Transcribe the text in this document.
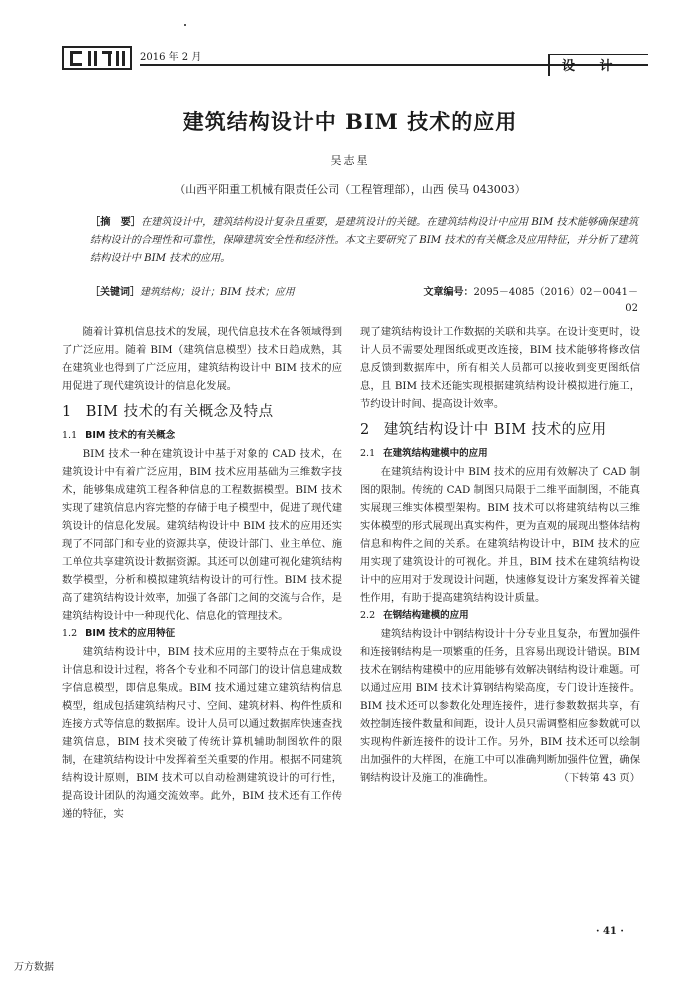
2016 年 2 月
设 计
建筑结构设计中 BIM 技术的应用
吴志星
（山西平阳重工机械有限责任公司（工程管理部），山西 侯马 043003）
［摘　要］在建筑设计中，建筑结构设计复杂且重要，是建筑设计的关键。在建筑结构设计中应用 BIM 技术能够确保建筑结构设计的合理性和可靠性，保障建筑安全性和经济性。本文主要研究了 BIM 技术的有关概念及应用特征，并分析了建筑结构设计中 BIM 技术的应用。
［关键词］建筑结构；设计；BIM 技术；应用	文章编号：2095－4085（2016）02－0041－02

随着计算机信息技术的发展，现代信息技术在各领域得到了广泛应用。随着 BIM（建筑信息模型）技术日趋成熟，其在建筑业也得到了广泛应用，建筑结构设计中 BIM 技术的应用促进了现代建筑设计的信息化发展。

1 BIM 技术的有关概念及特点

1.1 BIM 技术的有关概念

BIM 技术一种在建筑设计中基于对象的 CAD 技术，在建筑设计中有着广泛应用，BIM 技术应用基础为三维数字技术，能够集成建筑工程各种信息的工程数据模型。BIM 技术实现了建筑信息内容完整的存储于电子模型中，促进了现代建筑设计的信息化发展。建筑结构设计中 BIM 技术的应用还实现了不同部门和专业的资源共享，使设计部门、业主单位、施工单位共享建筑设计数据资源。其还可以创建可视化建筑结构数学模型，分析和模拟建筑结构设计的可行性。BIM 技术提高了建筑结构设计效率，加强了各部门之间的交流与合作，是建筑结构设计中一种现代化、信息化的管理技术。

1.2 BIM 技术的应用特征

建筑结构设计中，BIM 技术应用的主要特点在于集成设计信息和设计过程，将各个专业和不同部门的设计信息建成数字信息模型，即信息集成。BIM 技术通过建立建筑结构信息模型，组成包括建筑结构尺寸、空间、建筑材料、构件性质和连接方式等信息的数据库。设计人员可以通过数据库快速查找建筑信息，BIM 技术突破了传统计算机辅助制图软件的限制，在建筑结构设计中发挥着至关重要的作用。根据不同建筑结构设计原则，BIM 技术可以自动检测建筑设计的可行性，提高设计团队的沟通交流效率。此外，BIM 技术还有工作传递的特征，实

现了建筑结构设计工作数据的关联和共享。在设计变更时，设计人员不需要处理图纸或更改连接，BIM 技术能够将修改信息反馈到数据库中，所有相关人员都可以接收到变更图纸信息，且 BIM 技术还能实现根据建筑结构设计模拟进行施工，节约设计时间、提高设计效率。

2 建筑结构设计中 BIM 技术的应用

2.1 在建筑结构建模中的应用

在建筑结构设计中 BIM 技术的应用有效解决了 CAD 制图的限制。传统的 CAD 制图只局限于二维平面制图，不能真实展现三维实体模型架构。BIM 技术可以将建筑结构以三维实体模型的形式展现出真实构件，更为直观的展现出整体结构信息和构件之间的关系。在建筑结构设计中，BIM 技术的应用实现了建筑设计的可视化。并且，BIM 技术在建筑结构设计中的应用对于发现设计问题，快速修复设计方案发挥着关键性作用，有助于提高建筑结构设计质量。

2.2 在钢结构建模的应用

建筑结构设计中钢结构设计十分专业且复杂，布置加强件和连接钢结构是一项繁重的任务，且容易出现设计错误。BIM 技术在钢结构建模中的应用能够有效解决钢结构设计难题。可以通过应用 BIM 技术计算钢结构梁高度，专门设计连接件。BIM 技术还可以参数化处理连接件，进行参数数据共享，有效控制连接件数量和间距，设计人员只需调整相应参数就可以实现构件新连接件的设计工作。另外，BIM 技术还可以绘制出加强件的大样图，在施工中可以准确判断加强件位置，确保钢结构设计及施工的准确性。	（下转第 43 页）

· 41 ·
万方数据
